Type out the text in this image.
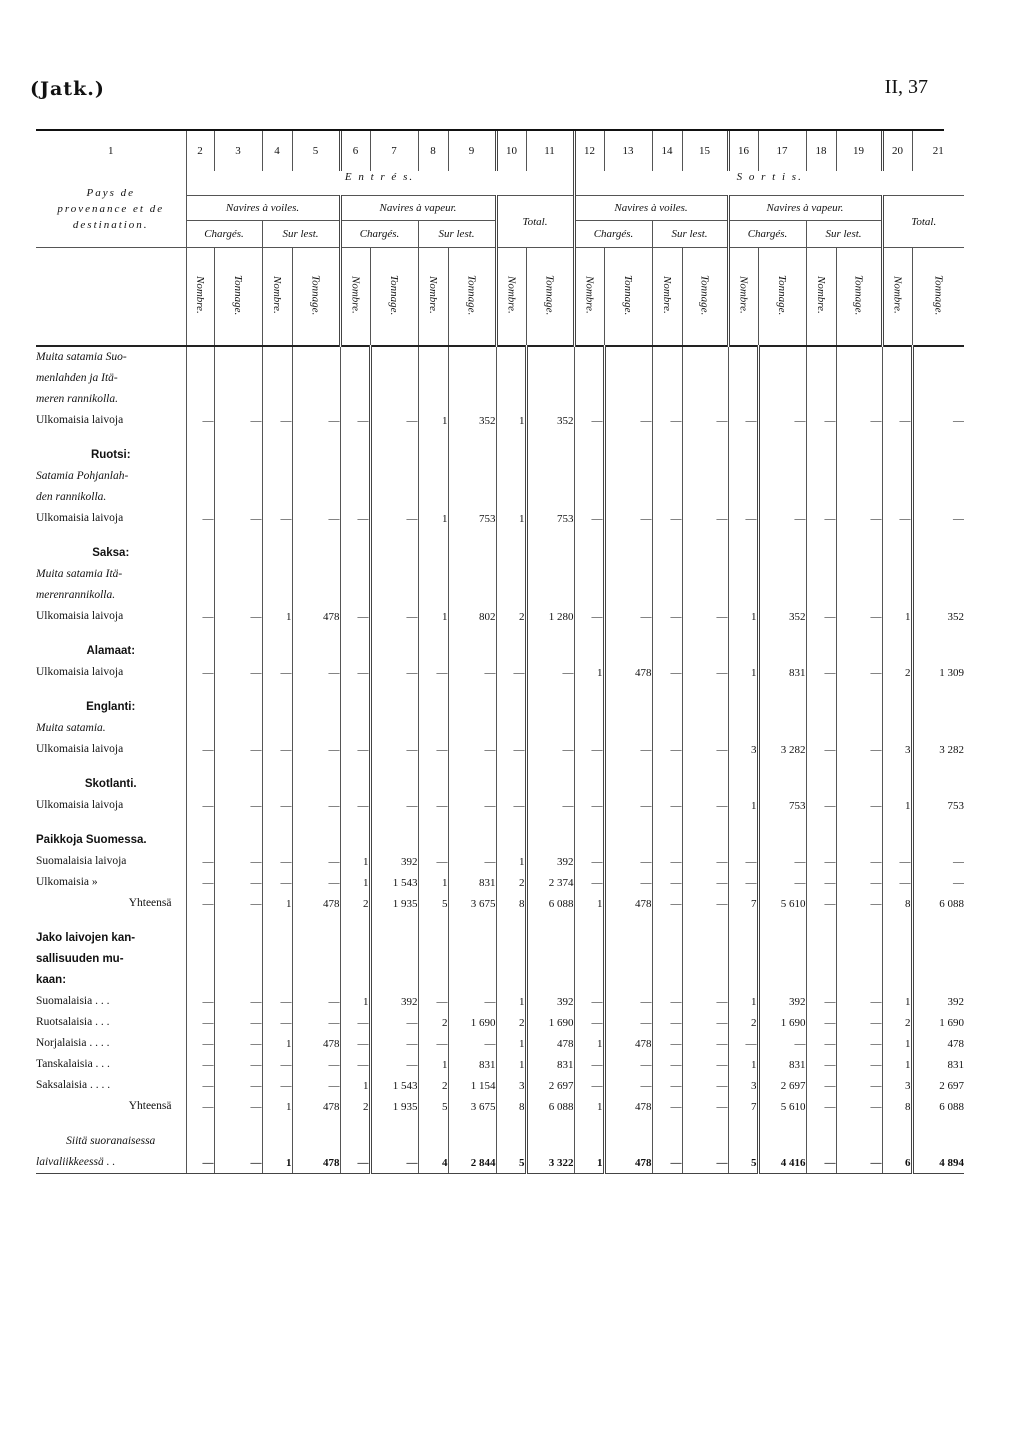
(Jatk.)	II, 37
1	2	3	4	5	6	7	8	9	10	11	12	13	14	15	16	17	18	19	20	21
Pays de provenance et de destination.	E n t r é s.										S o r t i s.									
	Navires à voiles.				Navires à vapeur.				Total.		Navires à voiles.				Navires à vapeur.				Total.	
	Chargés.		Sur lest.		Chargés.		Sur lest.				Chargés.		Sur lest.		Chargés.		Sur lest.			
	Nombre.	Tonnage.	Nombre.	Tonnage.	Nombre.	Tonnage.	Nombre.	Tonnage.	Nombre.	Tonnage.	Nombre.	Tonnage.	Nombre.	Tonnage.	Nombre.	Tonnage.	Nombre.	Tonnage.	Nombre.	Tonnage.
Muita satamia Suo-																				
menlahden ja Itä-																				
meren rannikolla.																				
Ulkomaisia laivoja	—	—	—	—	—	—	1	352	1	352	—	—	—	—	—	—	—	—	—	—

Ruotsi:																				
Satamia Pohjanlah-																				
den rannikolla.																				
Ulkomaisia laivoja	—	—	—	—	—	—	1	753	1	753	—	—	—	—	—	—	—	—	—	—

Saksa:																				
Muita satamia Itä-																				
merenrannikolla.																				
Ulkomaisia laivoja	—	—	1	478	—	—	1	802	2	1 280	—	—	—	—	1	352	—	—	1	352

Alamaat:																				
Ulkomaisia laivoja	—	—	—	—	—	—	—	—	—	—	1	478	—	—	1	831	—	—	2	1 309

Englanti:																				
Muita satamia.																				
Ulkomaisia laivoja	—	—	—	—	—	—	—	—	—	—	—	—	—	—	3	3 282	—	—	3	3 282

Skotlanti.																				
Ulkomaisia laivoja	—	—	—	—	—	—	—	—	—	—	—	—	—	—	1	753	—	—	1	753

Paikkoja Suomessa.																				
Suomalaisia laivoja	—	—	—	—	1	392	—	—	1	392	—	—	—	—	—	—	—	—	—	—
Ulkomaisia »	—	—	—	—	1	1 543	1	831	2	2 374	—	—	—	—	—	—	—	—	—	—
Yhteensä	—	—	1	478	2	1 935	5	3 675	8	6 088	1	478	—	—	7	5 610	—	—	8	6 088

Jako laivojen kan-																				
sallisuuden mu-																				
kaan:																				
Suomalaisia . . .	—	—	—	—	1	392	—	—	1	392	—	—	—	—	1	392	—	—	1	392
Ruotsalaisia . . .	—	—	—	—	—	—	2	1 690	2	1 690	—	—	—	—	2	1 690	—	—	2	1 690
Norjalaisia . . . .	—	—	1	478	—	—	—	—	1	478	1	478	—	—	—	—	—	—	1	478
Tanskalaisia . . .	—	—	—	—	—	—	1	831	1	831	—	—	—	—	1	831	—	—	1	831
Saksalaisia . . . .	—	—	—	—	1	1 543	2	1 154	3	2 697	—	—	—	—	3	2 697	—	—	3	2 697
Yhteensä	—	—	1	478	2	1 935	5	3 675	8	6 088	1	478	—	—	7	5 610	—	—	8	6 088

Siitä suoranaisessa																				
laivaliikkeessä . .	—	—	1	478	—	—	4	2 844	5	3 322	1	478	—	—	5	4 416	—	—	6	4 894
